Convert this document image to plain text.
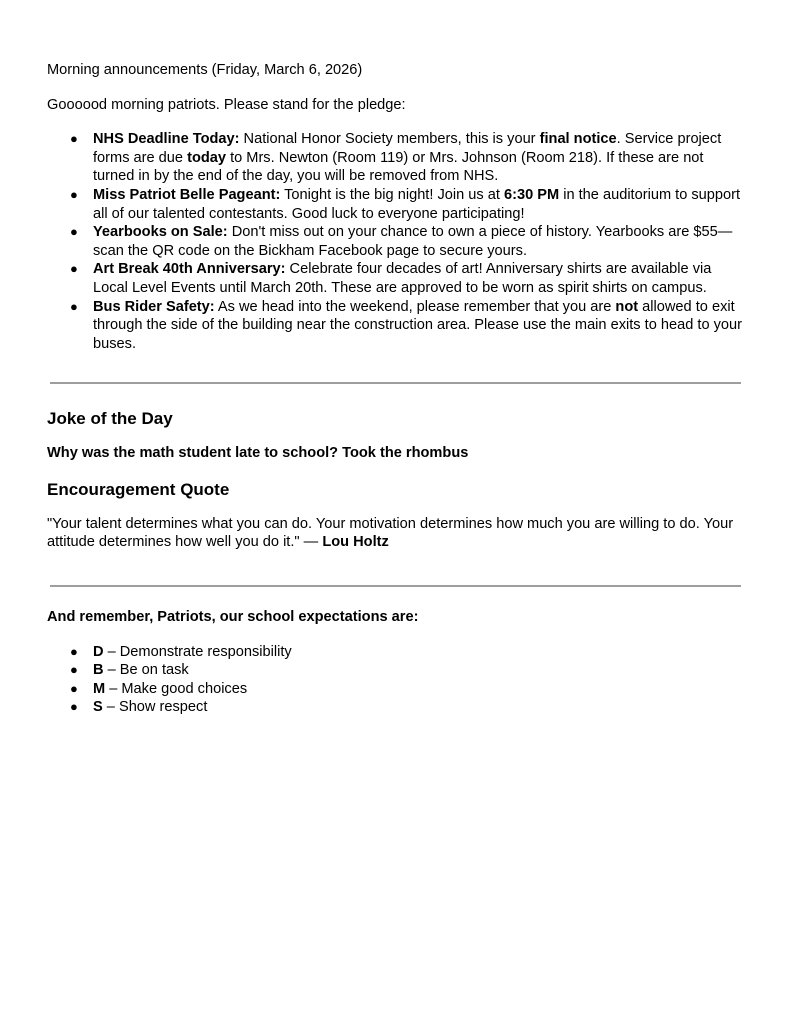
Morning announcements (Friday, March 6, 2026)

Goooood morning patriots. Please stand for the pledge:

● NHS Deadline Today: National Honor Society members, this is your final notice. Service project forms are due today to Mrs. Newton (Room 119) or Mrs. Johnson (Room 218). If these are not turned in by the end of the day, you will be removed from NHS.
● Miss Patriot Belle Pageant: Tonight is the big night! Join us at 6:30 PM in the auditorium to support all of our talented contestants. Good luck to everyone participating!
● Yearbooks on Sale: Don't miss out on your chance to own a piece of history. Yearbooks are $55—scan the QR code on the Bickham Facebook page to secure yours.
● Art Break 40th Anniversary: Celebrate four decades of art! Anniversary shirts are available via Local Level Events until March 20th. These are approved to be worn as spirit shirts on campus.
● Bus Rider Safety: As we head into the weekend, please remember that you are not allowed to exit through the side of the building near the construction area. Please use the main exits to head to your buses.
Joke of the Day

Why was the math student late to school? Took the rhombus

Encouragement Quote

"Your talent determines what you can do. Your motivation determines how much you are willing to do. Your attitude determines how well you do it." — Lou Holtz

And remember, Patriots, our school expectations are:

● D – Demonstrate responsibility
● B – Be on task
● M – Make good choices
● S – Show respect
